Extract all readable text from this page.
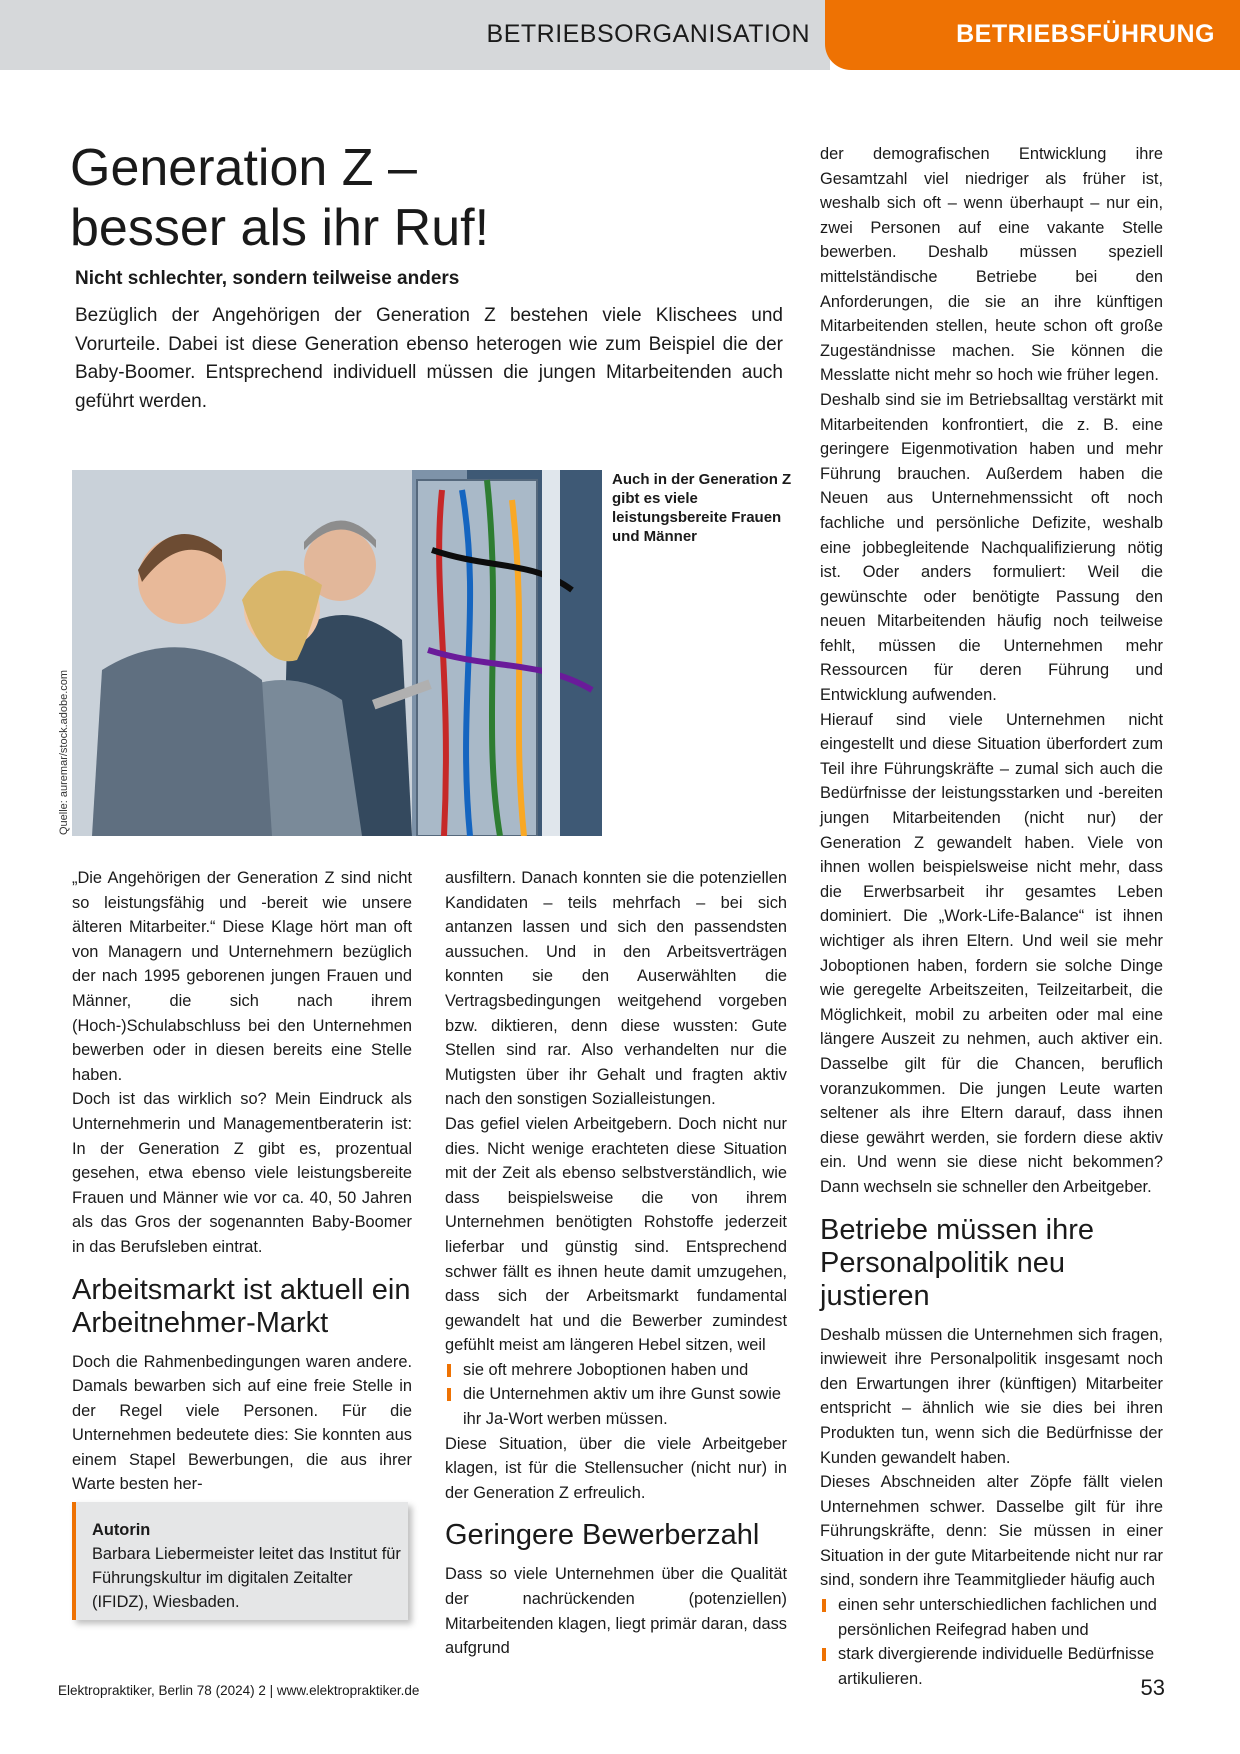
BETRIEBSORGANISATION	BETRIEBSFÜHRUNG
Generation Z –
besser als ihr Ruf!

Nicht schlechter, sondern teilweise anders

Bezüglich der Angehörigen der Generation Z bestehen viele Klischees und Vorurteile. Dabei ist diese Generation ebenso heterogen wie zum Beispiel die der Baby-Boomer. Entsprechend individuell müssen die jungen Mitarbeitenden auch geführt werden.

Quelle: auremar/stock.adobe.com

Auch in der Generation Z gibt es viele leistungsbereite Frauen und Männer

„Die Angehörigen der Generation Z sind nicht so leistungsfähig und -bereit wie unsere älteren Mitarbeiter.“ Diese Klage hört man oft von Managern und Unternehmern bezüglich der nach 1995 geborenen jungen Frauen und Männer, die sich nach ihrem (Hoch-)Schulabschluss bei den Unternehmen bewerben oder in diesen bereits eine Stelle haben.

Doch ist das wirklich so? Mein Eindruck als Unternehmerin und Managementberaterin ist: In der Generation Z gibt es, prozentual gesehen, etwa ebenso viele leistungsbereite Frauen und Männer wie vor ca. 40, 50 Jahren als das Gros der sogenannten Baby-Boomer in das Berufsleben eintrat.

Arbeitsmarkt ist aktuell ein Arbeitnehmer-Markt

Doch die Rahmenbedingungen waren andere. Damals bewarben sich auf eine freie Stelle in der Regel viele Personen. Für die Unternehmen bedeutete dies: Sie konnten aus einem Stapel Bewerbungen, die aus ihrer Warte besten her-

Autorin
Barbara Liebermeister leitet das Institut für Führungskultur im digitalen Zeitalter (IFIDZ), Wiesbaden.

ausfiltern. Danach konnten sie die potenziellen Kandidaten – teils mehrfach – bei sich antanzen lassen und sich den passendsten aussuchen. Und in den Arbeitsverträgen konnten sie den Auserwählten die Vertragsbedingungen weitgehend vorgeben bzw. diktieren, denn diese wussten: Gute Stellen sind rar. Also verhandelten nur die Mutigsten über ihr Gehalt und fragten aktiv nach den sonstigen Sozialleistungen.

Das gefiel vielen Arbeitgebern. Doch nicht nur dies. Nicht wenige erachteten diese Situation mit der Zeit als ebenso selbstverständlich, wie dass beispielsweise die von ihrem Unternehmen benötigten Rohstoffe jederzeit lieferbar und günstig sind. Entsprechend schwer fällt es ihnen heute damit umzugehen, dass sich der Arbeitsmarkt fundamental gewandelt hat und die Bewerber zumindest gefühlt meist am längeren Hebel sitzen, weil

sie oft mehrere Joboptionen haben und
die Unternehmen aktiv um ihre Gunst sowie ihr Ja-Wort werben müssen.

Diese Situation, über die viele Arbeitgeber klagen, ist für die Stellensucher (nicht nur) in der Generation Z erfreulich.

Geringere Bewerberzahl

Dass so viele Unternehmen über die Qualität der nachrückenden (potenziellen) Mitarbeitenden klagen, liegt primär daran, dass aufgrund

der demografischen Entwicklung ihre Gesamtzahl viel niedriger als früher ist, weshalb sich oft – wenn überhaupt – nur ein, zwei Personen auf eine vakante Stelle bewerben. Deshalb müssen speziell mittelständische Betriebe bei den Anforderungen, die sie an ihre künftigen Mitarbeitenden stellen, heute schon oft große Zugeständnisse machen. Sie können die Messlatte nicht mehr so hoch wie früher legen.

Deshalb sind sie im Betriebsalltag verstärkt mit Mitarbeitenden konfrontiert, die z. B. eine geringere Eigenmotivation haben und mehr Führung brauchen. Außerdem haben die Neuen aus Unternehmenssicht oft noch fachliche und persönliche Defizite, weshalb eine jobbegleitende Nachqualifizierung nötig ist. Oder anders formuliert: Weil die gewünschte oder benötigte Passung den neuen Mitarbeitenden häufig noch teilweise fehlt, müssen die Unternehmen mehr Ressourcen für deren Führung und Entwicklung aufwenden.

Hierauf sind viele Unternehmen nicht eingestellt und diese Situation überfordert zum Teil ihre Führungskräfte – zumal sich auch die Bedürfnisse der leistungsstarken und -bereiten jungen Mitarbeitenden (nicht nur) der Generation Z gewandelt haben. Viele von ihnen wollen beispielsweise nicht mehr, dass die Erwerbsarbeit ihr gesamtes Leben dominiert. Die „Work-Life-Balance“ ist ihnen wichtiger als ihren Eltern. Und weil sie mehr Joboptionen haben, fordern sie solche Dinge wie geregelte Arbeitszeiten, Teilzeitarbeit, die Möglichkeit, mobil zu arbeiten oder mal eine längere Auszeit zu nehmen, auch aktiver ein. Dasselbe gilt für die Chancen, beruflich voranzukommen. Die jungen Leute warten seltener als ihre Eltern darauf, dass ihnen diese gewährt werden, sie fordern diese aktiv ein. Und wenn sie diese nicht bekommen? Dann wechseln sie schneller den Arbeitgeber.

Betriebe müssen ihre Personalpolitik neu justieren

Deshalb müssen die Unternehmen sich fragen, inwieweit ihre Personalpolitik insgesamt noch den Erwartungen ihrer (künftigen) Mitarbeiter entspricht – ähnlich wie sie dies bei ihren Produkten tun, wenn sich die Bedürfnisse der Kunden gewandelt haben.

Dieses Abschneiden alter Zöpfe fällt vielen Unternehmen schwer. Dasselbe gilt für ihre Führungskräfte, denn: Sie müssen in einer Situation in der gute Mitarbeitende nicht nur rar sind, sondern ihre Teammitglieder häufig auch

einen sehr unterschiedlichen fachlichen und persönlichen Reifegrad haben und
stark divergierende individuelle Bedürfnisse artikulieren.
Elektropraktiker, Berlin 78 (2024) 2 | www.elektropraktiker.de	53
